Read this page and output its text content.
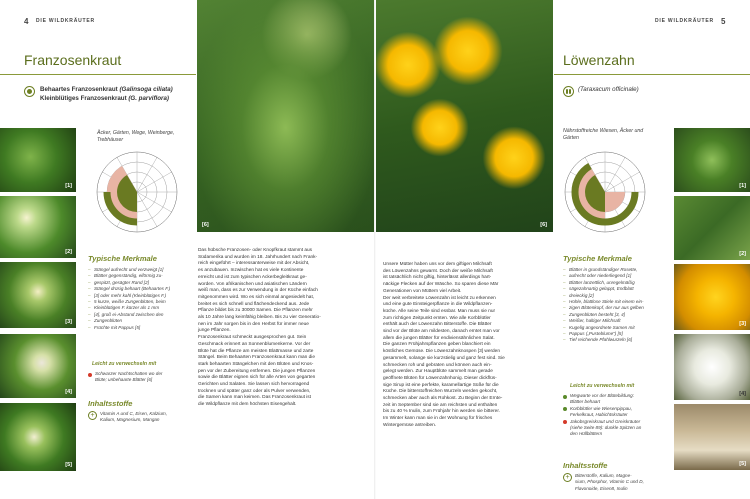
4 DIE WILDKRÄUTER
Franzosenkraut
Behaartes Franzosenkraut (Galinsoga ciliata)
Kleinblütiges Franzosenkraut (G. parviflora)
Äcker, Gärten, Wege, Weinberge,
Trebhäuser
[1]
[2]
[3]
[4]
[5]
[6]
Typische Merkmale
– Stängel aufrecht und verzweigt [1]
– Blätter gegenständig, eiförmig zu-
– gespitzt, gesägter Rand [2]
– Stängel drüsig behaart (Behaartes F.)
– [3] oder mehr kahl (Kleinblütiges F.)
– 5 kurze, weiße Zungenblüten, beim
– Kleinblütigen F. kürzer als 1 mm
– [4], groß ei-Abstand zwischen den
– Zungenblüten
– Früchte mit Pappus [5]
Leicht zu verwechseln mit
Schwarzer Nachtschatten wo der
Blüte; unbehaarte Blätter [6]
Inhaltsstoffe
+	Vitamin A und C, Eisen, Kalzium,
Kalium, Magnesium, Mangan
Das hübsche Franzosen- oder Knopfkraut stammt aus
Südamerika und wurden im 18. Jahrhundert nach Frank-
reich eingeführt – interessanterweise mit der Absicht,
es anzubauen. Inzwischen hat es viele Kontinente
erreicht und ist zum typischen Ackerbegleitkraut ge-
worden. Von afrikanischen und asiatischen Ländern
weiß man, dass es zur Verwendung in der Küche einfach
mitgenommen wird. Wo es sich einmal angesiedelt hat,
breitet es sich schnell und flächendeckend aus. Jede
Pflanze bildet bis zu 30000 Samen. Die Pflanzen mehr
als 10 Jahre lang keimfähig bleiben. Bis zu vier Generatio-
nen im Jahr sorgen bis in den Herbst für immer neue
junge Pflanzen.
Franzosenkraut schmeckt ausgesprochen gut. Sein
Geschmack erinnert an Sonnenblumenkerne. Vor der
Blüte hat die Pflanze am meisten Blattmasse und zarte
Stängel. Beim Behaarten Franzosenkraut kann man die
stark behaarten Stängelchen mit den Blüten und Knos-
pen vor der Zubereitung entfernen. Die jungen Pflanzen
sowie die Blätter eignen sich für alle Arten von gegarten
Gerichten und Salaten. Sie lassen sich hervorragend
trocknen und später ganz oder als Pulver verwenden,
die Samen kann man keimen. Das Franzosenkraut ist
die Wildpflanze mit dem höchsten Eisengehalt.
[6]
DIE WILDKRÄUTER 5
Löwenzahn
(Taraxacum officinale)
Nährstoffreiche Wiesen, Äcker und
Gärten
[1]
[2]
[3]
[4]
[5]
Typische Merkmale
– Blätter in grundständiger Rosette,
– aufrecht oder niederliegend [1]
– Blätter lanzettlich, unregelmäßig
– sägezahnartig gelappt, Endblatt
– dreieckig [2]
– Hohle, blattlose Stiele mit einem ein-
– zigen Blütenkopf, der nur aus gelben
– Zungenblüten besteht [3, 4]
– Weißer, haltiger Milchsaft
– Kugelig angeordnete Samen mit
– Pappus („Pusteblume") [5]
– Tief reichende Pfahlwurzeln [6]
Leicht zu verwechseln mit
Wegwarte vor der Blütebildung:
Blätter behaart
Korbblütler wie Wiesenpippau,
Ferkelkraut, Habichtskräuter
Jakobsgreiskraut und Greiskräuter
(siehe Seite 89): dunkle Spitzen an
den Hüllblättern
Inhaltsstoffe
+	Bitterstoffe, Kalium, Magne-
sium, Phosphor, Vitamin C und D,
Flavonoide, Eisen8, Inulin
Unsere Mütter haben uns vor dem giftigen Milchsaft
des Löwenzahns gewarnt. Doch der weiße Milchsaft
ist tatsächlich nicht giftig, hinterlässt allerdings hart-
näckige Flecken auf der Wäsche. So sparen diese Mär
Generationen von Müttern viel Arbeit.
Der weit verbreitete Löwenzahn ist leicht zu erkennen
und eine gute Einsteigerpflanze in die Wildpflanzen-
küche. Alle seine Teile sind essbar. Man muss sie nur
zum richtigen Zeitpunkt ernten. Wie alle Korbblütler
enthält auch der Löwenzahn Bitterstoffe. Die Blätter
sind vor der Blüte am mildesten, danach erntet man vor
allem die jungen Blätter für endiviensähnlichen Salat.
Die ganzen Frühjahrspflanzen geben blanchiert ein
köstliches Gemüse. Die Löwenzahnknospen [3] werden
gesammelt, solange sie kurzstielig und ganz fest sind. Sie
schmecken roh und gebraten und können auch ein-
gelegt werden. Zur Hauptblüte sammelt man gerade
geöffnete Blüten für Löwenzahnhonig. Dieser dickflüs-
sige Sirup ist eine perfekte, karamellartige Süße für die
Küche. Die bitterstoffreichen Wurzeln werden gekocht,
schmecken aber auch als Rohkost. Zu Beginn der Ernte-
zeit im September sind sie am reichsten und enthalten
bis zu 40 % Inulin, zum Frühjahr hin werden sie bitterer.
Im Winter kann man sie in der Wohnung für frisches
Wintergemüse antreiben.
